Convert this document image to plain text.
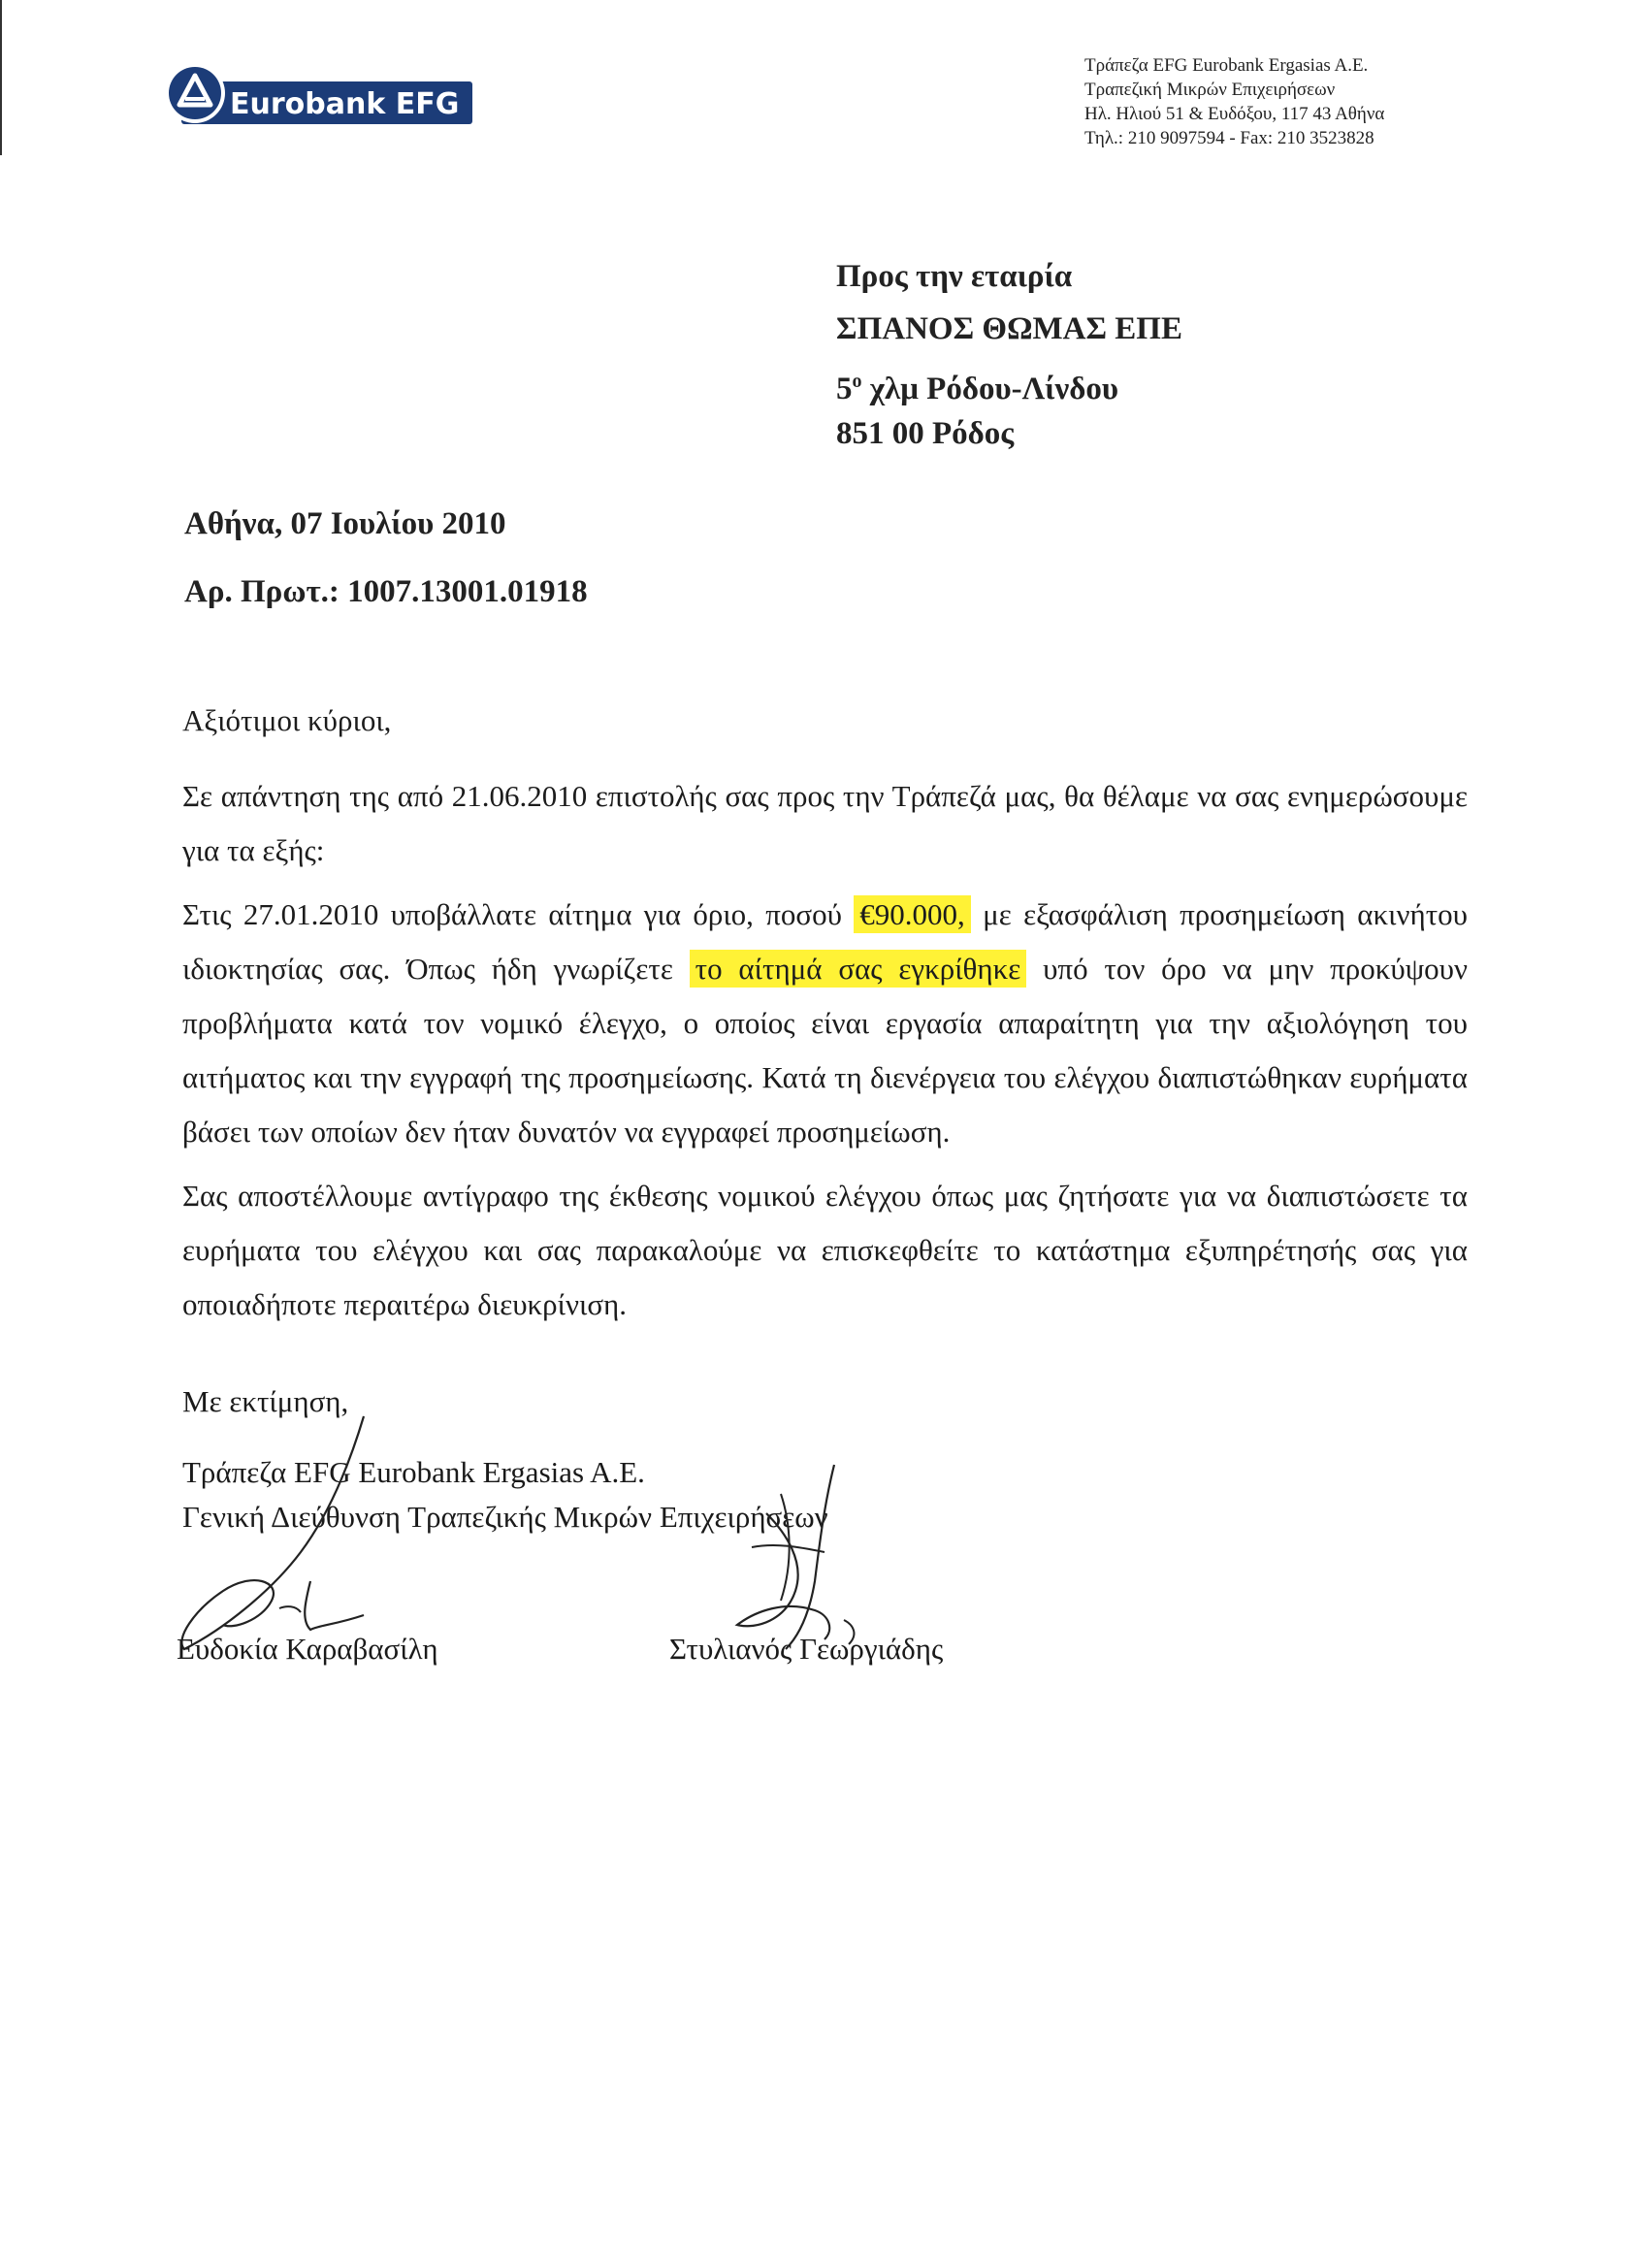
Eurobank EFG
Τράπεζα EFG Eurobank Ergasias A.E.
Τραπεζική Μικρών Επιχειρήσεων
Ηλ. Ηλιού 51 & Ευδόξου, 117 43 Αθήνα
Τηλ.: 210 9097594 - Fax: 210 3523828
Προς την εταιρία
ΣΠΑΝΟΣ ΘΩΜΑΣ ΕΠΕ
$5^o$ χλμ Ρόδου-Λίνδου
851 00 Ρόδος
Αθήνα, 07 Ιουλίου 2010
Αρ. Πρωτ.: 1007.13001.01918
Αξιότιμοι κύριοι,
Σε απάντηση της από 21.06.2010 επιστολής σας προς την Τράπεζά μας, θα θέλαμε να σας ενημερώσουμε για τα εξής:
Στις 27.01.2010 υποβάλλατε αίτημα για όριο, ποσού €90.000, με εξασφάλιση προσημείωση ακινήτου ιδιοκτησίας σας. Όπως ήδη γνωρίζετε το αίτημά σας εγκρίθηκε υπό τον όρο να μην προκύψουν προβλήματα κατά τον νομικό έλεγχο, ο οποίος είναι εργασία απαραίτητη για την αξιολόγηση του αιτήματος και την εγγραφή της προσημείωσης. Κατά τη διενέργεια του ελέγχου διαπιστώθηκαν ευρήματα βάσει των οποίων δεν ήταν δυνατόν να εγγραφεί προσημείωση.
Σας αποστέλλουμε αντίγραφο της έκθεσης νομικού ελέγχου όπως μας ζητήσατε για να διαπιστώσετε τα ευρήματα του ελέγχου και σας παρακαλούμε να επισκεφθείτε το κατάστημα εξυπηρέτησής σας για οποιαδήποτε περαιτέρω διευκρίνιση.
Με εκτίμηση,
Τράπεζα EFG Eurobank Ergasias A.E.
Γενική Διεύθυνση Τραπεζικής Μικρών Επιχειρήσεων
Ευδοκία Καραβασίλη	Στυλιανός Γεωργιάδης
